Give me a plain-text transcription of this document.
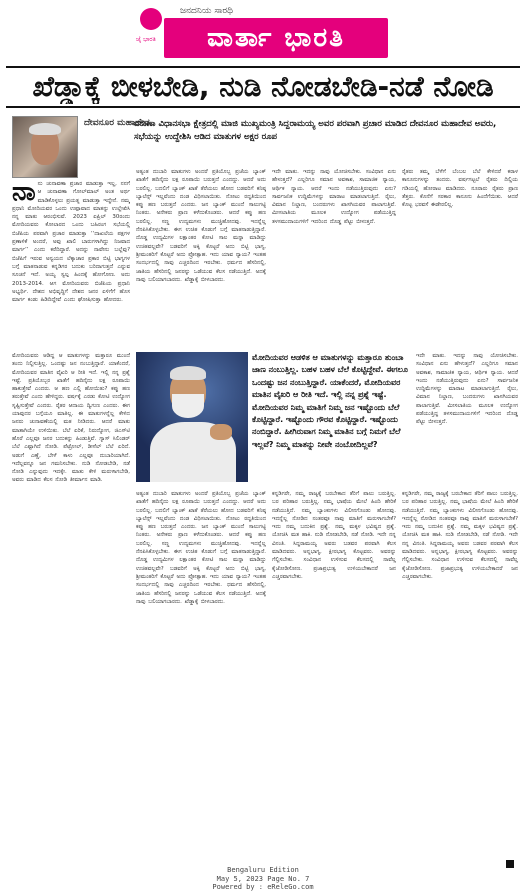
ಜೈ ಭಾರತಿ
ಜನದನಿಯ ಸಾರಥಿ
ವಾರ್ತಾ ಭಾರತಿ
ಖೆಡ್ಡಾಕ್ಕೆ ಬೀಳಬೇಡಿ, ನುಡಿ ನೋಡಬೇಡಿ-ನಡೆ ನೋಡಿ
ದೇವನೂರ ಮಹಾದೇವ
ವರುಣಾ ವಿಧಾನಸಭಾ ಕ್ಷೇತ್ರದಲ್ಲಿ ಮಾಜಿ ಮುಖ್ಯಮಂತ್ರಿ ಸಿದ್ದರಾಮಯ್ಯ ಅವರ ಪರವಾಗಿ ಪ್ರಚಾರ ಮಾಡಿದ ದೇವನೂರ ಮಹಾದೇವ ಅವರು, ಸಭೆಯನ್ನು ಉದ್ದೇಶಿಸಿ ಆಡಿದ ಮಾತುಗಳ ಅಕ್ಷರ ರೂಪ
ನಾನು ಚುನಾವಣಾ ಪ್ರಚಾರ ಮಾಡುತ್ತಾ ಇಲ್ಲ, ನನಗೆ ಆ ಚುನಾವಣಾ ಗೋಲ್‌ಮಾಲ್ ಅಂತ ಅರ್ಥ ಮಾಡಿಕೊಳ್ಳಲು ಪ್ರಯತ್ನ ಮಾಡುತ್ತಾ ಇದ್ದೇನೆ. ನಮ್ಮ ಪ್ರಧಾನಿ ಮೋದಿಯವರ ಒಂದು ಉಪ್ಪಾವಾದ ಮಾತನ್ನು ಉಲ್ಲೇಖಿಸಿ ನನ್ನ ಮಾತು ಆರಂಭಿಸುವೆ. 2023 ಏಪ್ರಿಲ್ 30ರಂದು ಮೋದಿಯವರು ಕೋಲಾರದ ಒಂದು ಬಹಿರಂಗ ಸಭೆಯಲ್ಲಿ ಬಿಜೆಪಿಯ ಪರವಾಗಿ ಪ್ರಚಾರ ಮಾಡುತ್ತಾ ‘‘ದಾಖಲೆಯ ಪಕ್ಷಗಳ ಪ್ರಣಾಳಿಕೆ ಅಂದರೆ, ಅವು ಖಾಲಿ ಬಾರುಗಳಾಗಿದ್ದು ನಿಜವಾದ ಮಾರ್ಗ’’ ಎಂದು ಕರೆದಿದ್ದಾರೆ. ಅದನ್ನು ನಾವೇನು ಬಲ್ಲೆವು? ಬಿಜೆಪಿಗೆ ಇರುವ ಅನ್ವಯದ ಲೆಕ್ಕಾಚಾರ ಪ್ರಕಾರ ಬಿಟ್ಟಿ ಭಾಗ್ಯಗಳ ಬಗ್ಗೆ ಮಾತನಾಡುವ ಕನ್ನಡಿಗರ ಬದುಕು ಬರಿದಾಗುತ್ತದೆ ಎನ್ನುವ ಸೂಚನೆ ಇದೆ. ಅಯ್ಯ ಸ್ವಲ್ಪ ಹಿಂದಕ್ಕೆ ಹೋಗೋಣ. ಅದು 2013-2014. ಆಗ ಮೋದಿಯವರು ಬಿಜೆಪಿಯ ಪ್ರಧಾನಿ ಅಭ್ಯರ್ಥಿ. ದೇಶದ ಅಭಿವೃದ್ಧಿಗೆ ದೇಶದ ಜನರ ಏಳಿಗೆಗೆ ಹೊಸ ಮಾರ್ಗ ಕಂಡು ಹಿಡಿದಿದ್ದೇವೆ ಎಂದು ಘೋಷಿಸುತ್ತಾ ಹೋದರು.
ಮೋದಿಯವರು ಆಡಿದ್ದ ಆ ಮಾತುಗಳನ್ನು ಮತ್ತಾರೂ ಮುಂದೆ ತಂದು ನಿಲ್ಲಿಸುತ್ತಿಲ್ಲ. ಒಂದಷ್ಟು ಜನ ನಂಬುತ್ತಿದ್ದಾರೆ. ಯಾಕೆಂದರೆ, ಮೋದಿಯವರ ಮಾತಿನ ವೈಖರಿ ಆ ರೀತಿ ಇದೆ. ಇಲ್ಲಿ ನನ್ನ ಪ್ರಶ್ನೆ ಇಷ್ಟೆ. ಪ್ರತಿಯೊಬ್ಬರ ಖಾತೆಗೆ ಹದಿನೈದು ಲಕ್ಷ ರೂಪಾಯಿ ಹಾಕುತ್ತೇವೆ ಎಂದರು. ಆ ಹಣ ಎಲ್ಲಿ ಹೋಯಿತು? ಕಪ್ಪು ಹಣ ತರುತ್ತೇವೆ ಎಂದು ಹೇಳಿದ್ದರು. ವರ್ಷಕ್ಕೆ ಎರಡು ಕೋಟಿ ಉದ್ಯೋಗ ಸೃಷ್ಟಿಸುತ್ತೇವೆ ಎಂದರು. ರೈತರ ಆದಾಯ ದ್ವಿಗುಣ ಎಂದರು. ಈಗ ಯಾವುದರ ಬಗ್ಗೆಯೂ ಮಾತಿಲ್ಲ. ಈ ಮಾತುಗಳನ್ನೆಲ್ಲ ಕೇಳಿದ ಜನರು ಚುನಾವಣೆಯಲ್ಲಿ ಮತ ನೀಡಿದರು. ಆದರೆ ಮಾತು ಮಾತಾಗಿಯೇ ಉಳಿಯಿತು. ಬೆಲೆ ಏರಿಕೆ, ನಿರುದ್ಯೋಗ, ಜಿಎಸ್‌ಟಿ ಹೊರೆ ಎಲ್ಲವೂ ಜನರ ಬದುಕನ್ನು ಹಿಂಡುತ್ತಿವೆ. ಗ್ಯಾಸ್ ಸಿಲಿಂಡರ್ ಬೆಲೆ ಎಷ್ಟಾಗಿದೆ ನೋಡಿ. ಪೆಟ್ರೋಲ್, ಡೀಸೆಲ್ ಬೆಲೆ ಏರಿದೆ. ಅಡುಗೆ ಎಣ್ಣೆ, ಬೇಳೆ ಕಾಳು ಎಲ್ಲವೂ ದುಬಾರಿಯಾಗಿದೆ. ಇದೆಲ್ಲವನ್ನೂ ಜನ ಗಮನಿಸಬೇಕು. ನುಡಿ ನೋಡಬೇಡಿ, ನಡೆ ನೋಡಿ ಎನ್ನುವುದು ಇದಕ್ಕೇ. ಮಾತು ಕೇಳಿ ಮರುಳಾಗಬೇಡಿ, ಅವರು ಮಾಡಿದ ಕೆಲಸ ನೋಡಿ ತೀರ್ಮಾನ ಮಾಡಿ.
ಅತ್ಯಂತ ದುಬಾರಿ ಮಾತುಗಳು ಅಂದರೆ ಪ್ರತಿಯೊಬ್ಬ ಪ್ರಜೆಯ ಬ್ಯಾಂಕ್ ಖಾತೆಗೆ ಹದಿನೈದು ಲಕ್ಷ ರೂಪಾಯಿ ಬರುತ್ತದೆ ಎಂದದ್ದು. ಆದರೆ ಅದು ಬರಲಿಲ್ಲ. ಬದಲಿಗೆ ಬ್ಯಾಂಕ್ ಖಾತೆ ತೆರೆಯಲು ಹೋದ ಬಡವರಿಗೆ ಕನಿಷ್ಠ ಬ್ಯಾಲೆನ್ಸ್ ಇಲ್ಲವೆಂದು ದಂಡ ವಿಧಿಸಲಾಯಿತು. ನೋಟು ರದ್ದತಿಯಿಂದ ಕಪ್ಪು ಹಣ ಬರುತ್ತದೆ ಎಂದರು. ಜನ ಬ್ಯಾಂಕ್ ಮುಂದೆ ಸಾಲುಗಟ್ಟಿ ನಿಂತರು. ಅನೇಕರು ಪ್ರಾಣ ಕಳೆದುಕೊಂಡರು. ಆದರೆ ಕಪ್ಪು ಹಣ ಬರಲಿಲ್ಲ. ಸಣ್ಣ ಉದ್ಯಮಗಳು ಮುಚ್ಚಿಹೋದವು. ಇದನ್ನೆಲ್ಲ ನೆನಪಿಸಿಕೊಳ್ಳಬೇಕು. ಈಗ ಉಚಿತ ಕೊಡುಗೆ ಬಗ್ಗೆ ಮಾತನಾಡುತ್ತಿದ್ದಾರೆ. ದೊಡ್ಡ ಉದ್ಯಮಿಗಳ ಲಕ್ಷಾಂತರ ಕೋಟಿ ಸಾಲ ಮನ್ನಾ ಮಾಡಿದ್ದು ಉಚಿತವಲ್ಲವೇ? ಬಡವರಿಗೆ ಅಕ್ಕಿ ಕೊಟ್ಟರೆ ಅದು ಬಿಟ್ಟಿ ಭಾಗ್ಯ, ಶ್ರೀಮಂತರಿಗೆ ಕೊಟ್ಟರೆ ಅದು ಪ್ರೋತ್ಸಾಹ. ಇದು ಯಾವ ನ್ಯಾಯ? ಇಂತಹ ಸಂದರ್ಭದಲ್ಲಿ ನಾವು ಎಚ್ಚರದಿಂದ ಇರಬೇಕು. ಧರ್ಮದ ಹೆಸರಿನಲ್ಲಿ, ಜಾತಿಯ ಹೆಸರಿನಲ್ಲಿ ಜನರನ್ನು ಒಡೆಯುವ ಕೆಲಸ ನಡೆಯುತ್ತಿದೆ. ಅದಕ್ಕೆ ನಾವು ಬಲಿಯಾಗಬಾರದು. ಖೆಡ್ಡಾಕ್ಕೆ ಬೀಳಬಾರದು.
ಅತ್ಯಂತ ದುಬಾರಿ ಮಾತುಗಳು ಅಂದರೆ ಪ್ರತಿಯೊಬ್ಬ ಪ್ರಜೆಯ ಬ್ಯಾಂಕ್ ಖಾತೆಗೆ ಹದಿನೈದು ಲಕ್ಷ ರೂಪಾಯಿ ಬರುತ್ತದೆ ಎಂದದ್ದು. ಆದರೆ ಅದು ಬರಲಿಲ್ಲ. ಬದಲಿಗೆ ಬ್ಯಾಂಕ್ ಖಾತೆ ತೆರೆಯಲು ಹೋದ ಬಡವರಿಗೆ ಕನಿಷ್ಠ ಬ್ಯಾಲೆನ್ಸ್ ಇಲ್ಲವೆಂದು ದಂಡ ವಿಧಿಸಲಾಯಿತು. ನೋಟು ರದ್ದತಿಯಿಂದ ಕಪ್ಪು ಹಣ ಬರುತ್ತದೆ ಎಂದರು. ಜನ ಬ್ಯಾಂಕ್ ಮುಂದೆ ಸಾಲುಗಟ್ಟಿ ನಿಂತರು. ಅನೇಕರು ಪ್ರಾಣ ಕಳೆದುಕೊಂಡರು. ಆದರೆ ಕಪ್ಪು ಹಣ ಬರಲಿಲ್ಲ. ಸಣ್ಣ ಉದ್ಯಮಗಳು ಮುಚ್ಚಿಹೋದವು. ಇದನ್ನೆಲ್ಲ ನೆನಪಿಸಿಕೊಳ್ಳಬೇಕು. ಈಗ ಉಚಿತ ಕೊಡುಗೆ ಬಗ್ಗೆ ಮಾತನಾಡುತ್ತಿದ್ದಾರೆ. ದೊಡ್ಡ ಉದ್ಯಮಿಗಳ ಲಕ್ಷಾಂತರ ಕೋಟಿ ಸಾಲ ಮನ್ನಾ ಮಾಡಿದ್ದು ಉಚಿತವಲ್ಲವೇ? ಬಡವರಿಗೆ ಅಕ್ಕಿ ಕೊಟ್ಟರೆ ಅದು ಬಿಟ್ಟಿ ಭಾಗ್ಯ, ಶ್ರೀಮಂತರಿಗೆ ಕೊಟ್ಟರೆ ಅದು ಪ್ರೋತ್ಸಾಹ. ಇದು ಯಾವ ನ್ಯಾಯ? ಇಂತಹ ಸಂದರ್ಭದಲ್ಲಿ ನಾವು ಎಚ್ಚರದಿಂದ ಇರಬೇಕು. ಧರ್ಮದ ಹೆಸರಿನಲ್ಲಿ, ಜಾತಿಯ ಹೆಸರಿನಲ್ಲಿ ಜನರನ್ನು ಒಡೆಯುವ ಕೆಲಸ ನಡೆಯುತ್ತಿದೆ. ಅದಕ್ಕೆ ನಾವು ಬಲಿಯಾಗಬಾರದು. ಖೆಡ್ಡಾಕ್ಕೆ ಬೀಳಬಾರದು.
ಇದೇ ಮಾತು. ಇದನ್ನು ನಾವು ಯೋಚಿಸಬೇಕು. ಸಂವಿಧಾನ ಏನು ಹೇಳುತ್ತದೆ? ಎಲ್ಲರಿಗೂ ಸಮಾನ ಅವಕಾಶ, ಸಾಮಾಜಿಕ ನ್ಯಾಯ, ಆರ್ಥಿಕ ನ್ಯಾಯ. ಆದರೆ ಇಂದು ನಡೆಯುತ್ತಿರುವುದು ಏನು? ಸಾರ್ವಜನಿಕ ಉದ್ದಿಮೆಗಳನ್ನು ಮಾರಾಟ ಮಾಡಲಾಗುತ್ತಿದೆ. ರೈಲು, ವಿಮಾನ ನಿಲ್ದಾಣ, ಬಂದರುಗಳು ಖಾಸಗಿಯವರ ಪಾಲಾಗುತ್ತಿವೆ. ಮೀಸಲಾತಿಯ ಮೂಲಕ ಉದ್ಯೋಗ ಪಡೆಯುತ್ತಿದ್ದ ತಳಸಮುದಾಯಗಳಿಗೆ ಇದರಿಂದ ದೊಡ್ಡ ಪೆಟ್ಟು ಬೀಳುತ್ತದೆ.
ಕನ್ನಡಿಗರೇ, ನಮ್ಮ ರಾಜ್ಯಕ್ಕೆ ಬರಬೇಕಾದ ತೆರಿಗೆ ಪಾಲು ಬರುತ್ತಿಲ್ಲ. ಬರ ಪರಿಹಾರ ಬರುತ್ತಿಲ್ಲ. ನಮ್ಮ ಭಾಷೆಯ ಮೇಲೆ ಹಿಂದಿ ಹೇರಿಕೆ ನಡೆಯುತ್ತಿದೆ. ನಮ್ಮ ಬ್ಯಾಂಕುಗಳು ವಿಲೀನಗೊಂಡು ಹೋದವು. ಇದನ್ನೆಲ್ಲ ನೋಡಿದ ನಂತರವೂ ನಾವು ಮಾತಿಗೆ ಮರುಳಾಗಬೇಕೆ? ಇದು ನಮ್ಮ ಬದುಕಿನ ಪ್ರಶ್ನೆ. ನಮ್ಮ ಮಕ್ಕಳ ಭವಿಷ್ಯದ ಪ್ರಶ್ನೆ. ಯೋಚಿಸಿ ಮತ ಹಾಕಿ. ನುಡಿ ನೋಡಬೇಡಿ, ನಡೆ ನೋಡಿ. ಇದೇ ನನ್ನ ವಿನಂತಿ. ಸಿದ್ದರಾಮಯ್ಯ ಅವರು ಬಡವರ ಪರವಾಗಿ ಕೆಲಸ ಮಾಡಿದವರು. ಅನ್ನಭಾಗ್ಯ, ಕ್ಷೀರಭಾಗ್ಯ ಕೊಟ್ಟವರು. ಅವರನ್ನು ಗೆಲ್ಲಿಸಬೇಕು. ಸಂವಿಧಾನ ಉಳಿಸುವ ಕೆಲಸದಲ್ಲಿ ನಾವೆಲ್ಲ ಕೈಜೋಡಿಸೋಣ. ಪ್ರಜಾಪ್ರಭುತ್ವ ಉಳಿಯಬೇಕಾದರೆ ಜನ ಎಚ್ಚರವಾಗಬೇಕು.
ರೈತರು ತಮ್ಮ ಬೆಳೆಗೆ ಬೆಂಬಲ ಬೆಲೆ ಕೇಳಿದರೆ ಕರಾಳ ಕಾನೂನುಗಳನ್ನು ತಂದರು. ವರ್ಷಗಟ್ಟಲೆ ರೈತರು ದಿಲ್ಲಿಯ ಗಡಿಯಲ್ಲಿ ಹೋರಾಟ ಮಾಡಿದರು. ನೂರಾರು ರೈತರು ಪ್ರಾಣ ತೆತ್ತರು. ಕೊನೆಗೆ ಸರಕಾರ ಕಾನೂನು ಹಿಂದೆಗೆಯಿತು. ಆದರೆ ಕೊಟ್ಟ ಭರವಸೆ ಈಡೇರಲಿಲ್ಲ.
ಇದೇ ಮಾತು. ಇದನ್ನು ನಾವು ಯೋಚಿಸಬೇಕು. ಸಂವಿಧಾನ ಏನು ಹೇಳುತ್ತದೆ? ಎಲ್ಲರಿಗೂ ಸಮಾನ ಅವಕಾಶ, ಸಾಮಾಜಿಕ ನ್ಯಾಯ, ಆರ್ಥಿಕ ನ್ಯಾಯ. ಆದರೆ ಇಂದು ನಡೆಯುತ್ತಿರುವುದು ಏನು? ಸಾರ್ವಜನಿಕ ಉದ್ದಿಮೆಗಳನ್ನು ಮಾರಾಟ ಮಾಡಲಾಗುತ್ತಿದೆ. ರೈಲು, ವಿಮಾನ ನಿಲ್ದಾಣ, ಬಂದರುಗಳು ಖಾಸಗಿಯವರ ಪಾಲಾಗುತ್ತಿವೆ. ಮೀಸಲಾತಿಯ ಮೂಲಕ ಉದ್ಯೋಗ ಪಡೆಯುತ್ತಿದ್ದ ತಳಸಮುದಾಯಗಳಿಗೆ ಇದರಿಂದ ದೊಡ್ಡ ಪೆಟ್ಟು ಬೀಳುತ್ತದೆ.
ಕನ್ನಡಿಗರೇ, ನಮ್ಮ ರಾಜ್ಯಕ್ಕೆ ಬರಬೇಕಾದ ತೆರಿಗೆ ಪಾಲು ಬರುತ್ತಿಲ್ಲ. ಬರ ಪರಿಹಾರ ಬರುತ್ತಿಲ್ಲ. ನಮ್ಮ ಭಾಷೆಯ ಮೇಲೆ ಹಿಂದಿ ಹೇರಿಕೆ ನಡೆಯುತ್ತಿದೆ. ನಮ್ಮ ಬ್ಯಾಂಕುಗಳು ವಿಲೀನಗೊಂಡು ಹೋದವು. ಇದನ್ನೆಲ್ಲ ನೋಡಿದ ನಂತರವೂ ನಾವು ಮಾತಿಗೆ ಮರುಳಾಗಬೇಕೆ? ಇದು ನಮ್ಮ ಬದುಕಿನ ಪ್ರಶ್ನೆ. ನಮ್ಮ ಮಕ್ಕಳ ಭವಿಷ್ಯದ ಪ್ರಶ್ನೆ. ಯೋಚಿಸಿ ಮತ ಹಾಕಿ. ನುಡಿ ನೋಡಬೇಡಿ, ನಡೆ ನೋಡಿ. ಇದೇ ನನ್ನ ವಿನಂತಿ. ಸಿದ್ದರಾಮಯ್ಯ ಅವರು ಬಡವರ ಪರವಾಗಿ ಕೆಲಸ ಮಾಡಿದವರು. ಅನ್ನಭಾಗ್ಯ, ಕ್ಷೀರಭಾಗ್ಯ ಕೊಟ್ಟವರು. ಅವರನ್ನು ಗೆಲ್ಲಿಸಬೇಕು. ಸಂವಿಧಾನ ಉಳಿಸುವ ಕೆಲಸದಲ್ಲಿ ನಾವೆಲ್ಲ ಕೈಜೋಡಿಸೋಣ. ಪ್ರಜಾಪ್ರಭುತ್ವ ಉಳಿಯಬೇಕಾದರೆ ಜನ ಎಚ್ಚರವಾಗಬೇಕು.
ಮೋದಿಯವರ ಆಡಳಿತ ಆ ಮಾತುಗಳನ್ನು ಮತ್ತಾರೂ ತುಂಬಾ ಜಾಣ ನಂಬುತ್ತಿಲ್ಲ. ಬಹಳ ಬಹಳ ಬೆಲೆ ಕೊಟ್ಟಿದ್ದೇವೆ. ಈಗಲೂ ಒಂದಷ್ಟು ಜನ ನಂಬುತ್ತಿದ್ದಾರೆ. ಯಾಕೆಂದರೆ, ಮೋದಿಯವರ ಮಾತಿನ ವೈಖರಿ ಆ ರೀತಿ ಇದೆ. ಇಲ್ಲಿ ನನ್ನ ಪ್ರಶ್ನೆ ಇಷ್ಟೆ. ಮೋದಿಯವರ ನಿಮ್ಮ ಮಾತಿಗೆ ನಿಮ್ಮ ಜನ ಇಷ್ಟೊಂದು ಬೆಲೆ ಕೊಟ್ಟಿದ್ದಾರೆ. ಇಷ್ಟೊಂದು ಗೌರವ ಕೊಟ್ಟಿದ್ದಾರೆ. ಇಷ್ಟೊಂದು ನಂಬಿದ್ದಾರೆ. ಹೀಗಿರುವಾಗ ನಿಮ್ಮ ಮಾತಿನ ಬಗ್ಗೆ ನಿಮಗೆ ಬೆಲೆ ಇಲ್ಲವೆ? ನಿಮ್ಮ ಮಾತನ್ನು ನೀವೇ ನಂಬೋದಿಲ್ಲವೆ?
Bengaluru Edition
May 5, 2023 Page No. 7
Powered by : eReleGo.com
